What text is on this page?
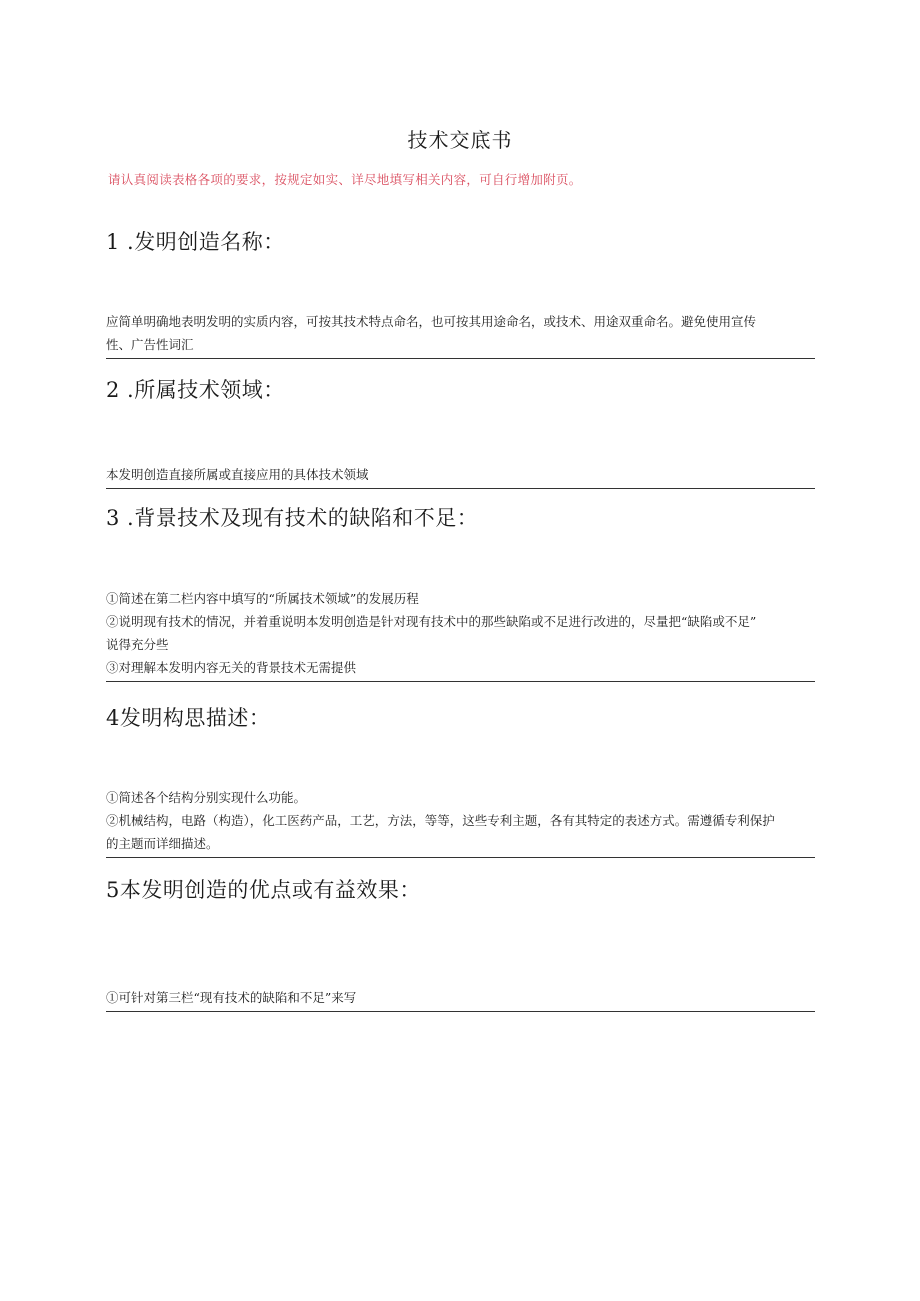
技术交底书
请认真阅读表格各项的要求，按规定如实、详尽地填写相关内容，可自行增加附页。
1 .发明创造名称：

应简单明确地表明发明的实质内容，可按其技术特点命名，也可按其用途命名，或技术、用途双重命名。避免使用宣传

性、广告性词汇

2 .所属技术领域：

本发明创造直接所属或直接应用的具体技术领域

3 .背景技术及现有技术的缺陷和不足：

①简述在第二栏内容中填写的“所属技术领域”的发展历程

②说明现有技术的情况，并着重说明本发明创造是针对现有技术中的那些缺陷或不足进行改进的，尽量把“缺陷或不足”

说得充分些

③对理解本发明内容无关的背景技术无需提供

4发明构思描述：

①简述各个结构分别实现什么功能。

②机械结构，电路（构造），化工医药产品，工艺，方法，等等，这些专利主题，各有其特定的表述方式。需遵循专利保护

的主题而详细描述。

5本发明创造的优点或有益效果：

①可针对第三栏“现有技术的缺陷和不足”来写
